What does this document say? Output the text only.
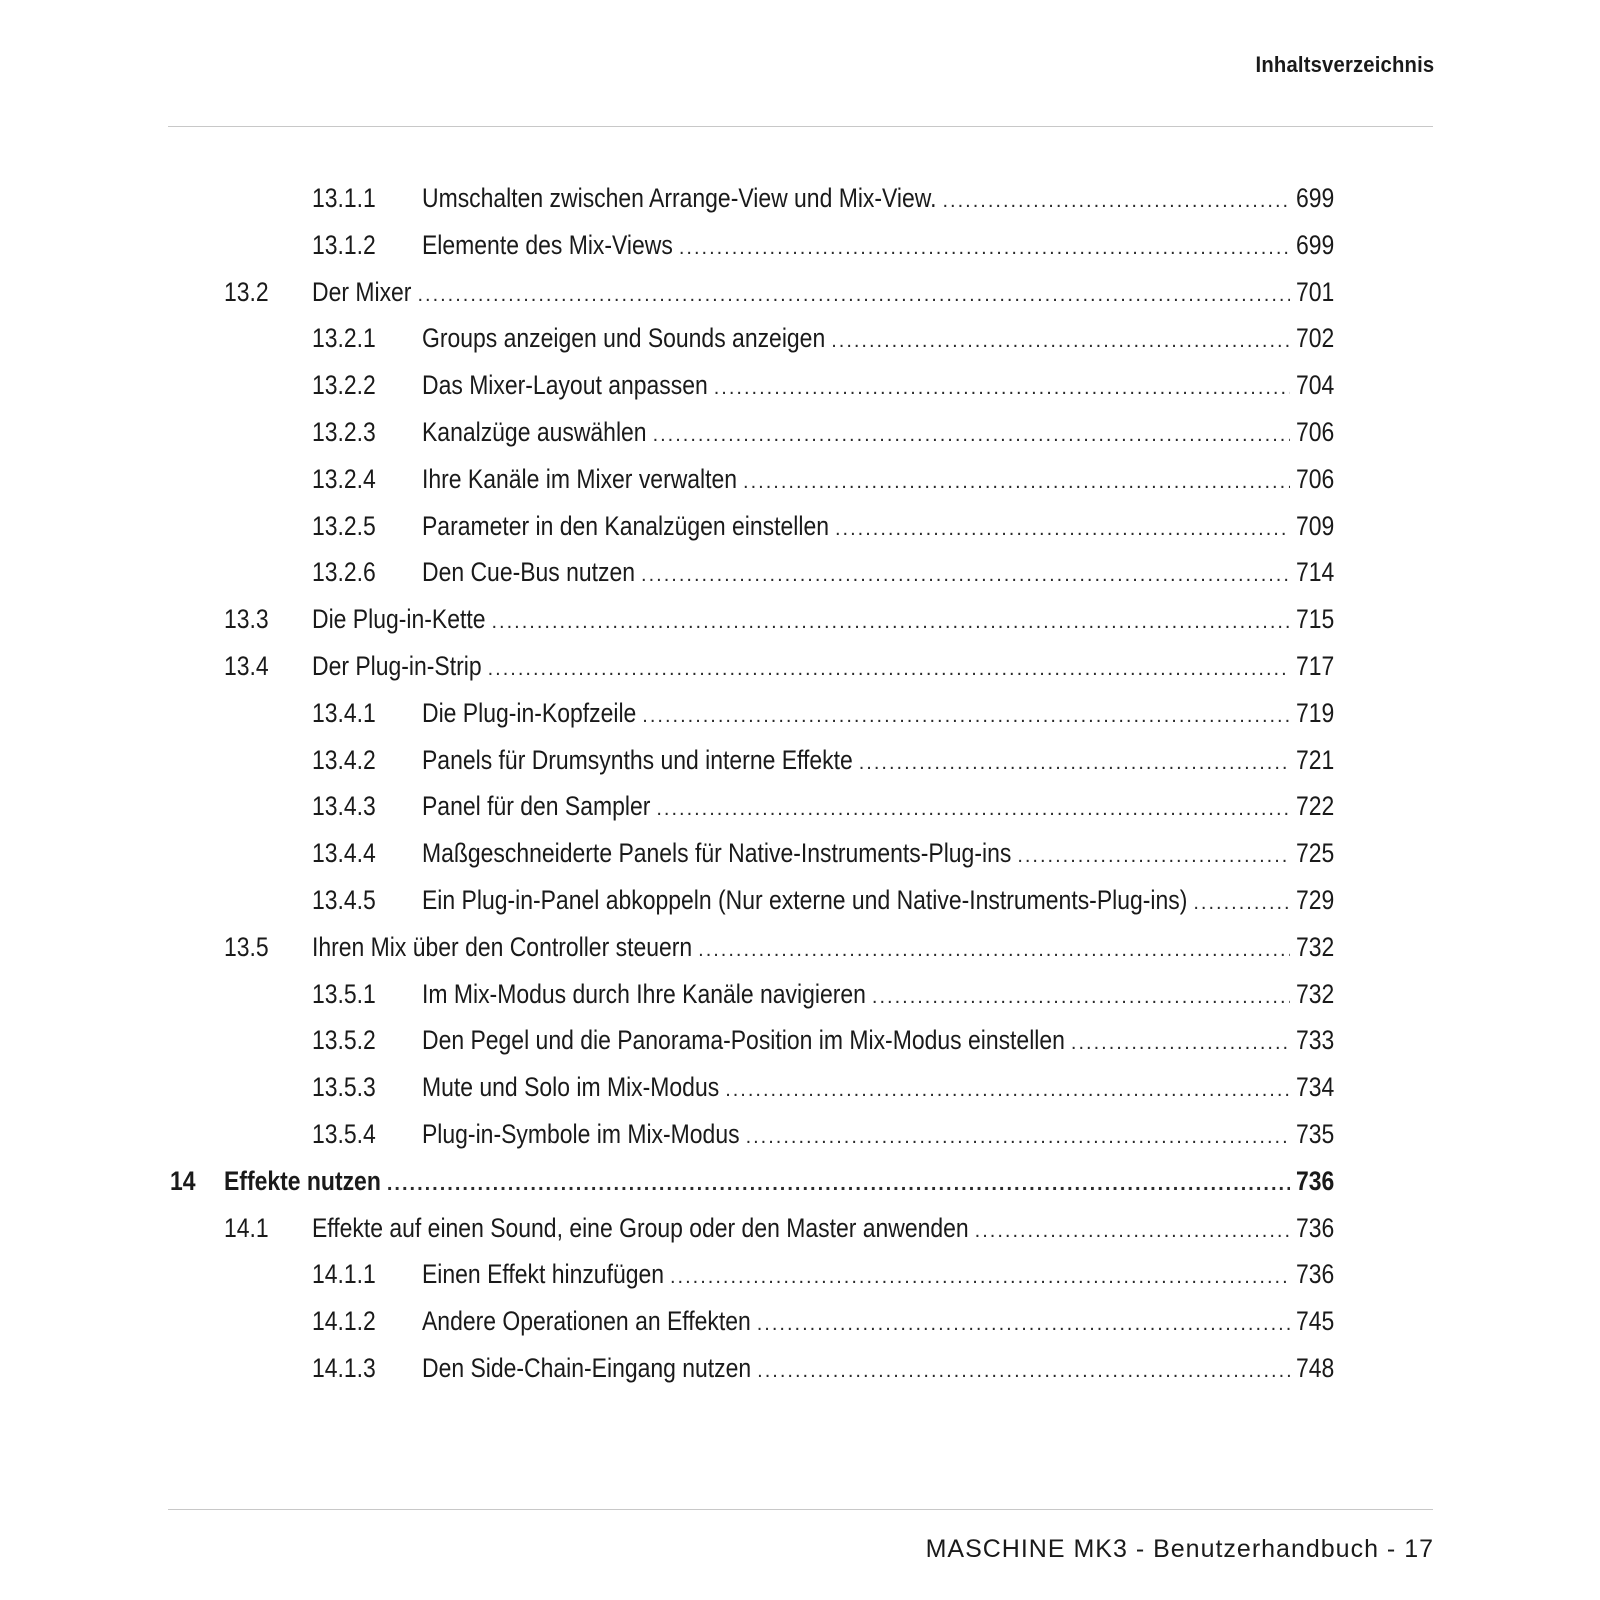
Inhaltsverzeichnis
13.1.1 Umschalten zwischen Arrange-View und Mix-View. .....	699
13.1.2 Elemente des Mix-Views .....	699
13.2 Der Mixer .....	701
13.2.1 Groups anzeigen und Sounds anzeigen .....	702
13.2.2 Das Mixer-Layout anpassen .....	704
13.2.3 Kanalzüge auswählen .....	706
13.2.4 Ihre Kanäle im Mixer verwalten .....	706
13.2.5 Parameter in den Kanalzügen einstellen .....	709
13.2.6 Den Cue-Bus nutzen .....	714
13.3 Die Plug-in-Kette .....	715
13.4 Der Plug-in-Strip .....	717
13.4.1 Die Plug-in-Kopfzeile .....	719
13.4.2 Panels für Drumsynths und interne Effekte .....	721
13.4.3 Panel für den Sampler .....	722
13.4.4 Maßgeschneiderte Panels für Native-Instruments-Plug-ins .....	725
13.4.5 Ein Plug-in-Panel abkoppeln (Nur externe und Native-Instruments-Plug-ins) .....	729
13.5 Ihren Mix über den Controller steuern .....	732
13.5.1 Im Mix-Modus durch Ihre Kanäle navigieren .....	732
13.5.2 Den Pegel und die Panorama-Position im Mix-Modus einstellen .....	733
13.5.3 Mute und Solo im Mix-Modus .....	734
13.5.4 Plug-in-Symbole im Mix-Modus .....	735
14 Effekte nutzen .....	736
14.1 Effekte auf einen Sound, eine Group oder den Master anwenden .....	736
14.1.1 Einen Effekt hinzufügen .....	736
14.1.2 Andere Operationen an Effekten .....	745
14.1.3 Den Side-Chain-Eingang nutzen .....	748
MASCHINE MK3 - Benutzerhandbuch - 17
